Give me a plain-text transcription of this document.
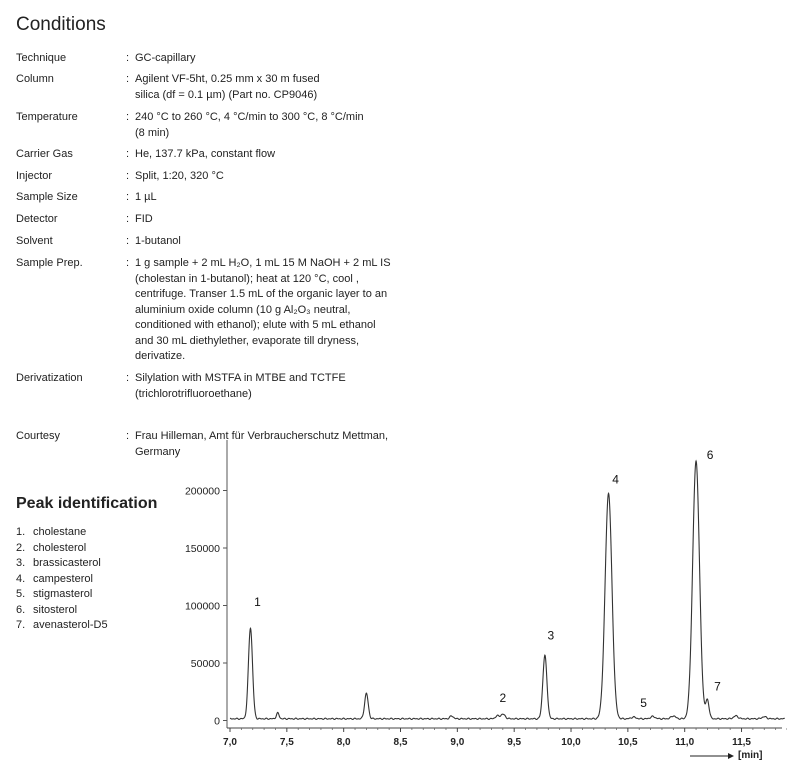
Conditions
Technique	: GC-capillary
Column	: Agilent VF-5ht, 0.25 mm x 30 m fused
silica (df = 0.1 µm) (Part no. CP9046)
Temperature	: 240 °C to 260 °C, 4 °C/min to 300 °C, 8 °C/min
(8 min)
Carrier Gas	: He, 137.7 kPa, constant flow
Injector	: Split, 1:20, 320 °C
Sample Size	: 1 µL
Detector	: FID
Solvent	: 1-butanol
Sample Prep.	: 1 g sample + 2 mL H₂O, 1 mL 15 M NaOH + 2 mL IS
(cholestan in 1-butanol); heat at 120 °C, cool ,
centrifuge. Transer 1.5 mL of the organic layer to an
aluminium oxide column (10 g Al₂O₃ neutral,
conditioned with ethanol); elute with 5 mL ethanol
and 30 mL diethylether, evaporate till dryness,
derivatize.
Derivatization	: Silylation with MSTFA in MTBE and TCTFE
(trichlorotrifluoroethane)
Courtesy	: Frau Hilleman, Amt für Verbraucherschutz Mettman,
Germany
Peak identification
1. cholestane
2. cholesterol
3. brassicasterol
4. campesterol
5. stigmasterol
6. sitosterol
7. avenasterol-D5
0
50000
100000
150000
200000
7,0	7,5	8,0	8,5	9,0	9,5	10,0	10,5	11,0	11,5
[min]
1
2
3
4
5
6
7
